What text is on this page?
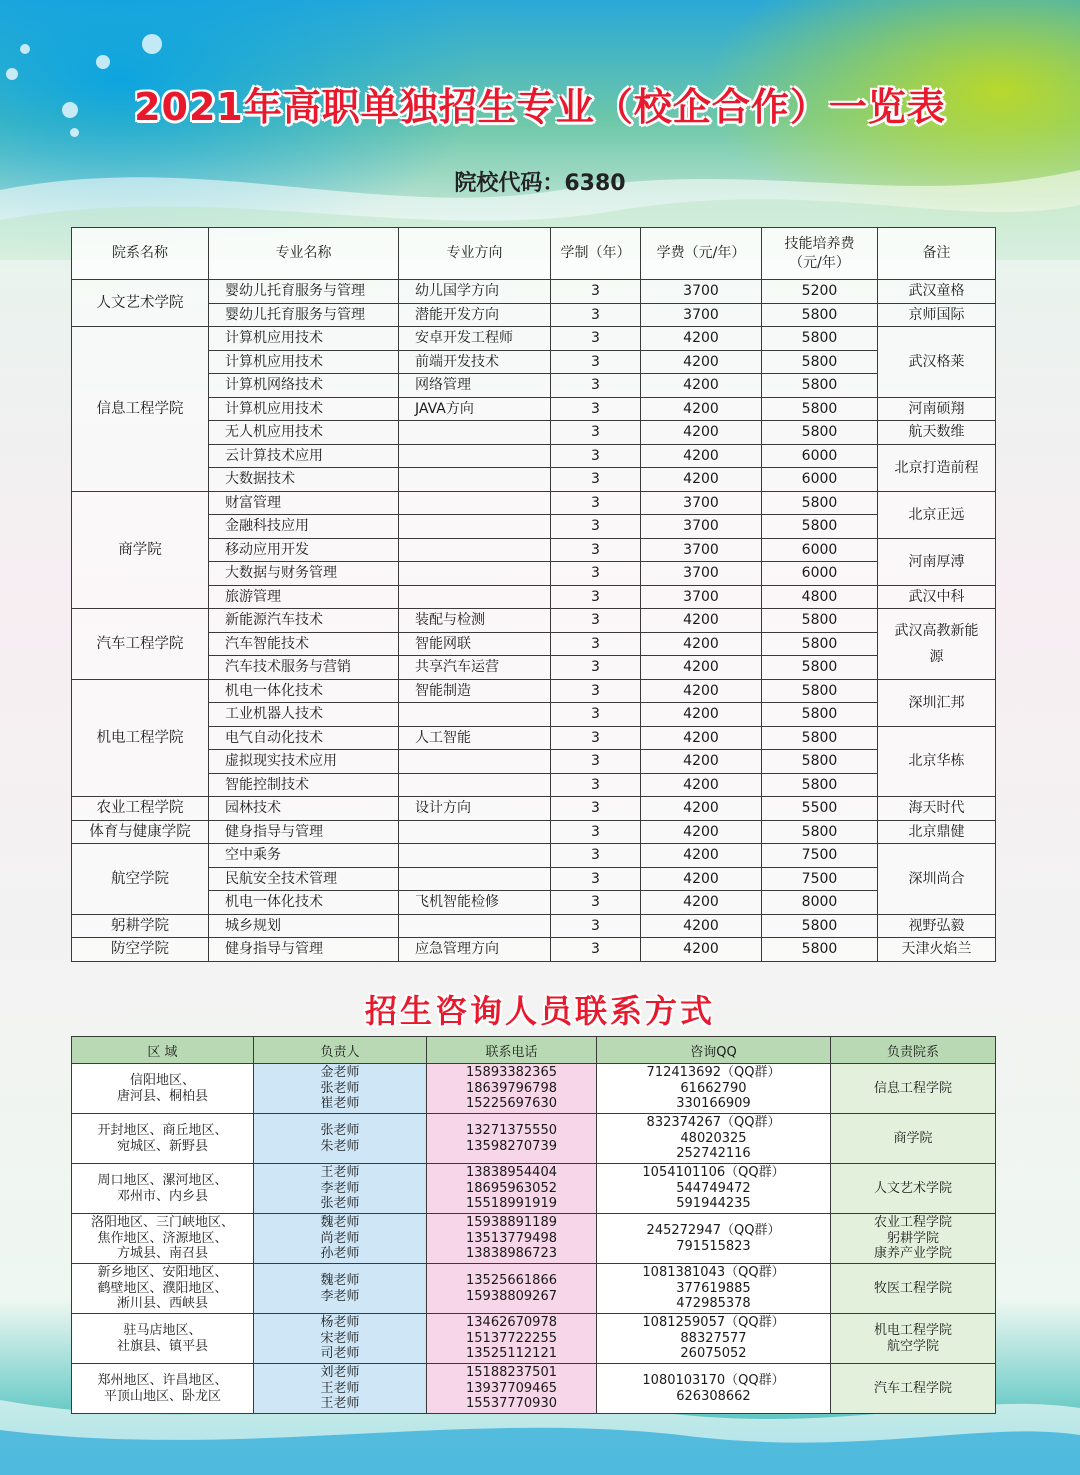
2021年高职单独招生专业（校企合作）一览表
院校代码：6380
院系名称	专业名称	专业方向	学制（年）	学费（元/年）	技能培养费（元/年）	备注
人文艺术学院	婴幼儿托育服务与管理	幼儿国学方向	3	3700	5200	武汉童格
	婴幼儿托育服务与管理	潜能开发方向	3	3700	5800	京师国际
信息工程学院	计算机应用技术	安卓开发工程师	3	4200	5800	武汉格莱
	计算机应用技术	前端开发技术	3	4200	5800	
	计算机网络技术	网络管理	3	4200	5800	
	计算机应用技术	JAVA方向	3	4200	5800	河南硕翔
	无人机应用技术		3	4200	5800	航天数维
	云计算技术应用		3	4200	6000	北京打造前程
	大数据技术		3	4200	6000	
商学院	财富管理		3	3700	5800	北京正远
	金融科技应用		3	3700	5800	
	移动应用开发		3	3700	6000	河南厚溥
	大数据与财务管理		3	3700	6000	
	旅游管理		3	3700	4800	武汉中科
汽车工程学院	新能源汽车技术	装配与检测	3	4200	5800	武汉高教新能源
	汽车智能技术	智能网联	3	4200	5800	
	汽车技术服务与营销	共享汽车运营	3	4200	5800	
机电工程学院	机电一体化技术	智能制造	3	4200	5800	深圳汇邦
	工业机器人技术		3	4200	5800	
	电气自动化技术	人工智能	3	4200	5800	北京华栋
	虚拟现实技术应用		3	4200	5800	
	智能控制技术		3	4200	5800	
农业工程学院	园林技术	设计方向	3	4200	5500	海天时代
体育与健康学院	健身指导与管理		3	4200	5800	北京鼎健
航空学院	空中乘务		3	4200	7500	深圳尚合
	民航安全技术管理		3	4200	7500	
	机电一体化技术	飞机智能检修	3	4200	8000	
躬耕学院	城乡规划		3	4200	5800	视野弘毅
防空学院	健身指导与管理	应急管理方向	3	4200	5800	天津火焰兰
招生咨询人员联系方式
区 域	负责人	联系电话	咨询QQ	负责院系

信阳地区、
唐河县、桐柏县	金老师
张老师
崔老师	15893382365
18639796798
15225697630	712413692（QQ群）
61662790
330166909	信息工程学院

开封地区、商丘地区、
宛城区、新野县	张老师
朱老师	13271375550
13598270739	832374267（QQ群）
48020325
252742116	商学院

周口地区、漯河地区、
邓州市、内乡县	王老师
李老师
张老师	13838954404
18695963052
15518991919	1054101106（QQ群）
544749472
591944235	人文艺术学院

洛阳地区、三门峡地区、
焦作地区、济源地区、
方城县、南召县	魏老师
尚老师
孙老师	15938891189
13513779498
13838986723	245272947（QQ群）
791515823	农业工程学院
躬耕学院
康养产业学院

新乡地区、安阳地区、
鹤壁地区、濮阳地区、
淅川县、西峡县	魏老师
李老师	13525661866
15938809267	1081381043（QQ群）
377619885
472985378	牧医工程学院

驻马店地区、
社旗县、镇平县	杨老师
宋老师
司老师	13462670978
15137722255
13525112121	1081259057（QQ群）
88327577
26075052	机电工程学院
航空学院

郑州地区、许昌地区、
平顶山地区、卧龙区	刘老师
王老师
王老师	15188237501
13937709465
15537770930	1080103170（QQ群）
626308662	汽车工程学院
